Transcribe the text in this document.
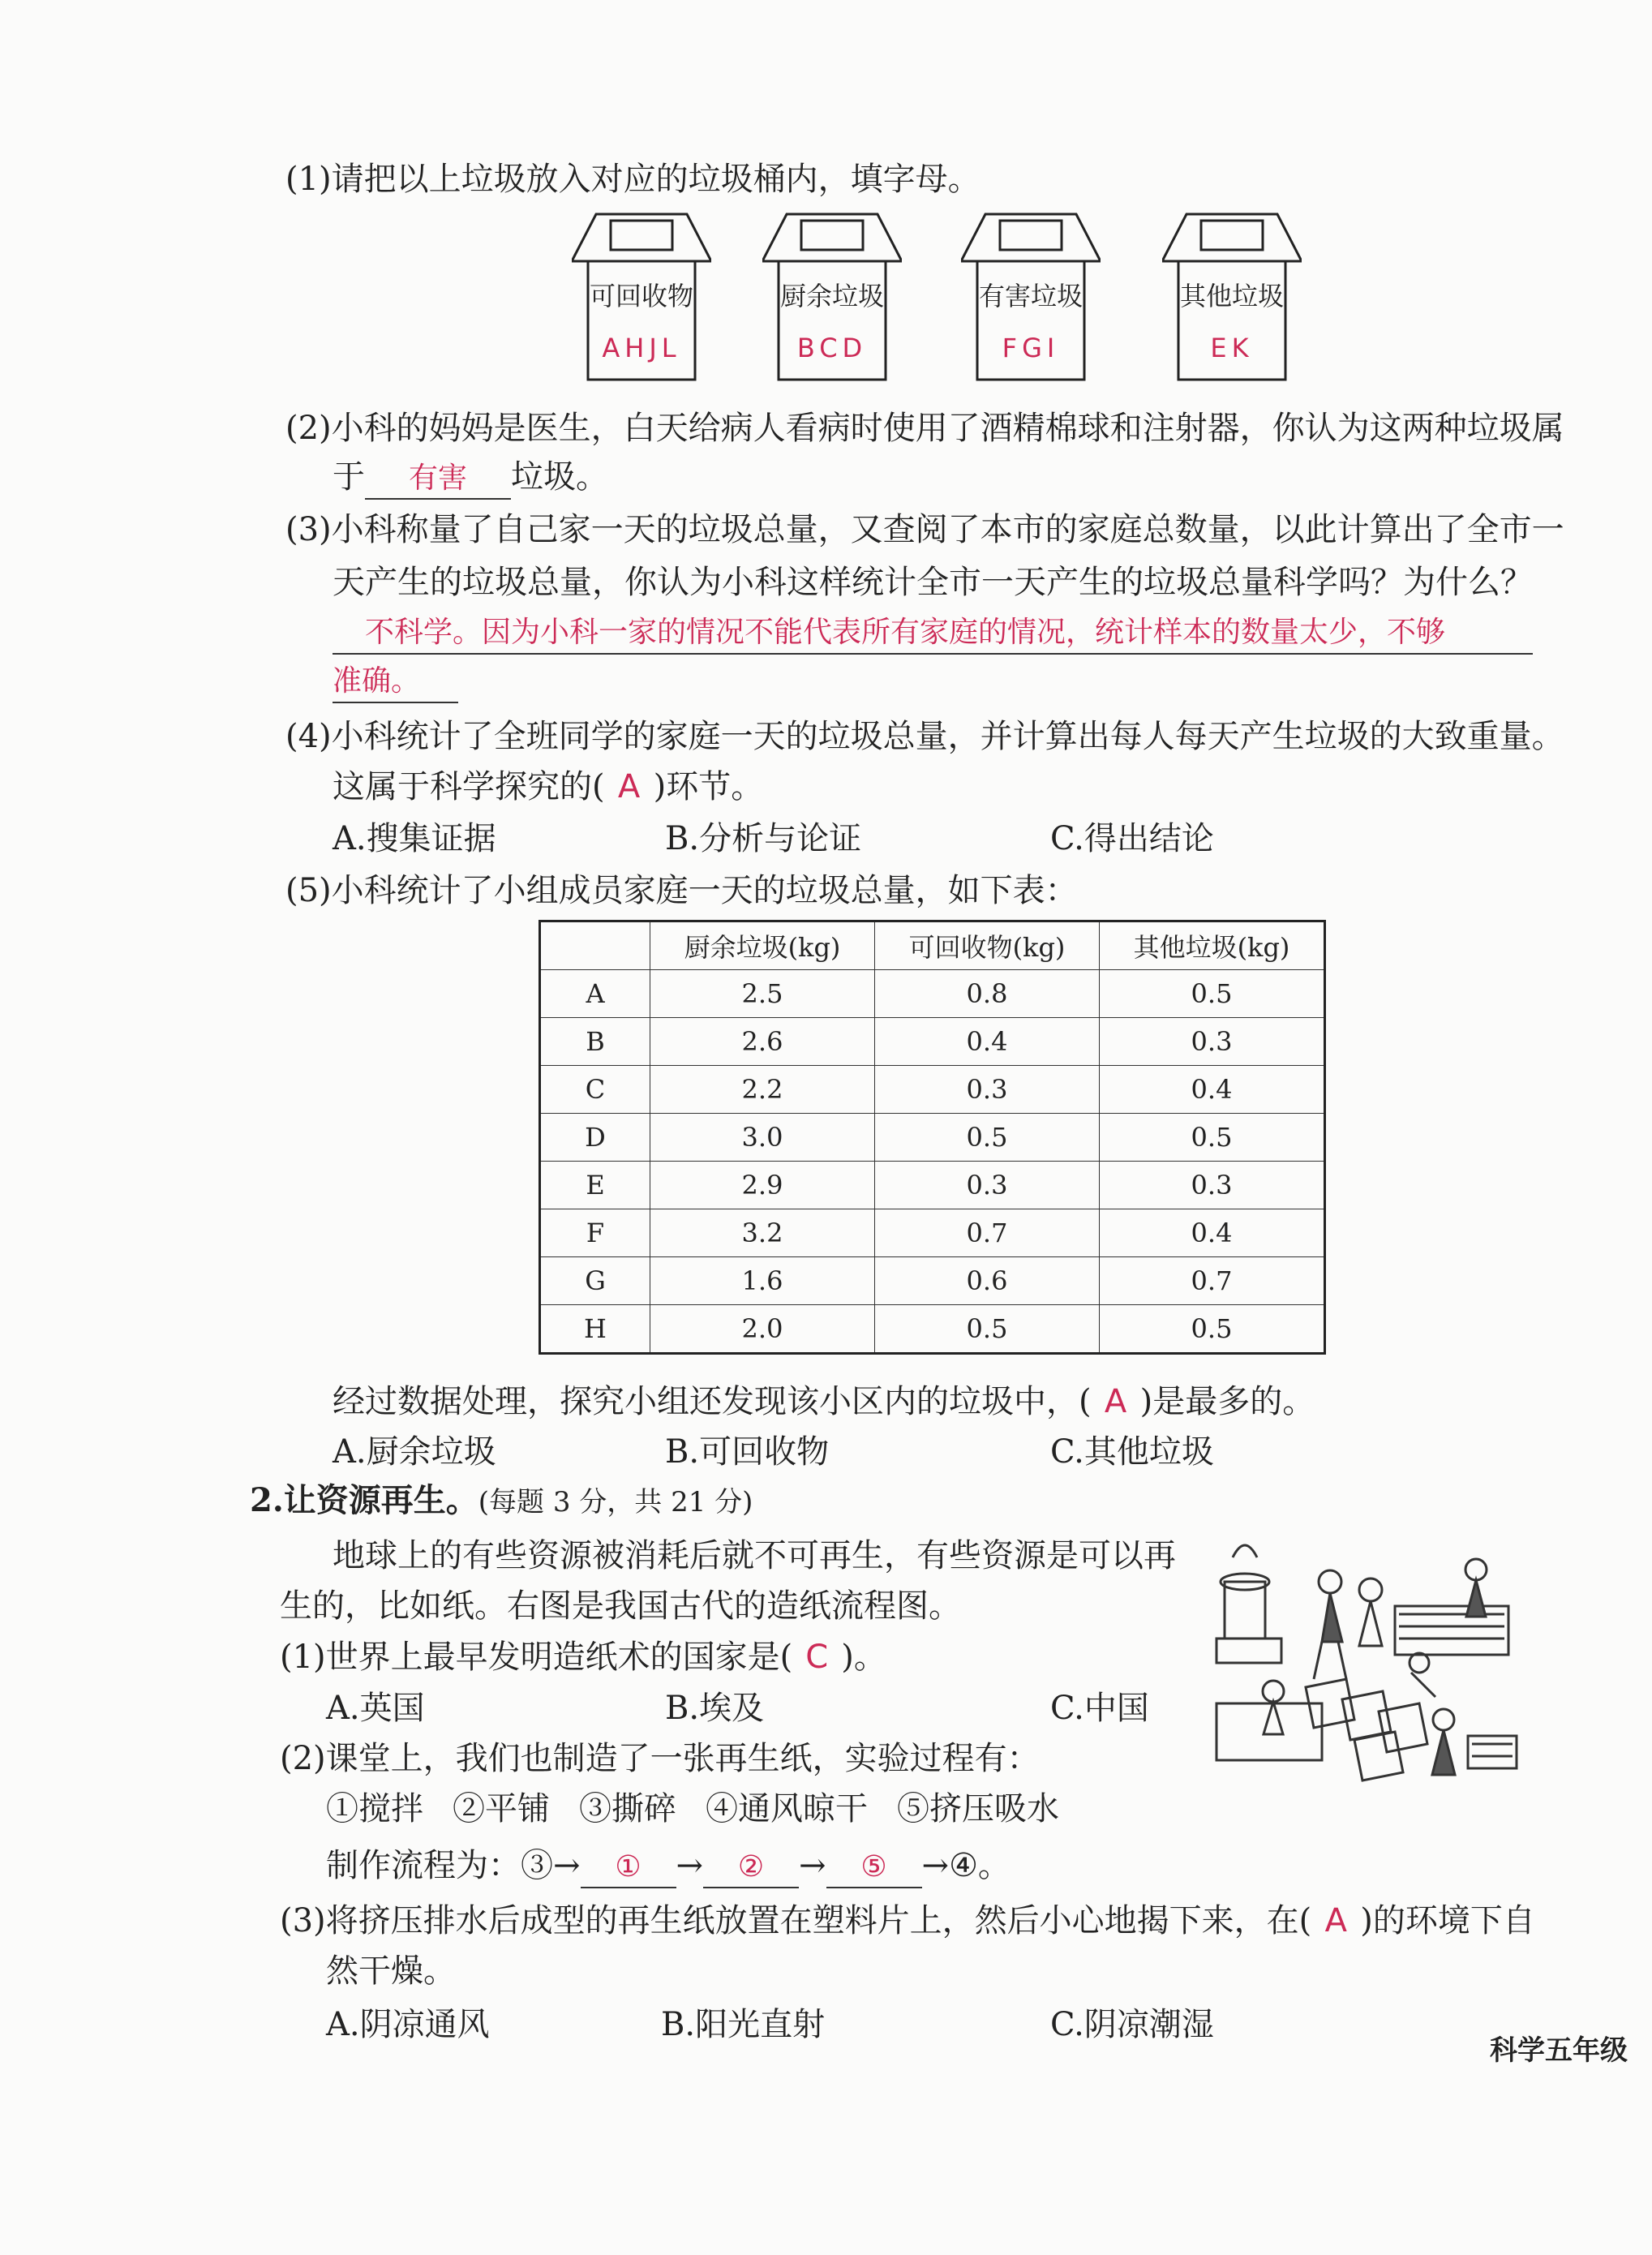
(1)请把以上垃圾放入对应的垃圾桶内，填字母。
可回收物
AHJL
厨余垃圾
BCD
有害垃圾
FGI
其他垃圾
EK
(2)小科的妈妈是医生，白天给病人看病时使用了酒精棉球和注射器，你认为这两种垃圾属
于 有害 垃圾。
(3)小科称量了自己家一天的垃圾总量，又查阅了本市的家庭总数量，以此计算出了全市一
天产生的垃圾总量，你认为小科这样统计全市一天产生的垃圾总量科学吗？为什么？
不科学。因为小科一家的情况不能代表所有家庭的情况，统计样本的数量太少，不够
准确。
(4)小科统计了全班同学的家庭一天的垃圾总量，并计算出每人每天产生垃圾的大致重量。
这属于科学探究的( A )环节。
A.搜集证据	B.分析与论证	C.得出结论
(5)小科统计了小组成员家庭一天的垃圾总量，如下表：
	厨余垃圾(kg)	可回收物(kg)	其他垃圾(kg)
A	2.5	0.8	0.5
B	2.6	0.4	0.3
C	2.2	0.3	0.4
D	3.0	0.5	0.5
E	2.9	0.3	0.3
F	3.2	0.7	0.4
G	1.6	0.6	0.7
H	2.0	0.5	0.5
经过数据处理，探究小组还发现该小区内的垃圾中，( A )是最多的。
A.厨余垃圾	B.可回收物	C.其他垃圾
2.让资源再生。(每题 3 分，共 21 分)
地球上的有些资源被消耗后就不可再生，有些资源是可以再
生的，比如纸。右图是我国古代的造纸流程图。
(1)世界上最早发明造纸术的国家是( C )。
A.英国	B.埃及	C.中国
(2)课堂上，我们也制造了一张再生纸，实验过程有：
①搅拌 ②平铺 ③撕碎 ④通风晾干 ⑤挤压吸水
制作流程为：③→ ① → ② → ⑤ →④。
(3)将挤压排水后成型的再生纸放置在塑料片上，然后小心地揭下来，在( A )的环境下自
然干燥。
A.阴凉通风	B.阳光直射	C.阴凉潮湿
科学五年级
